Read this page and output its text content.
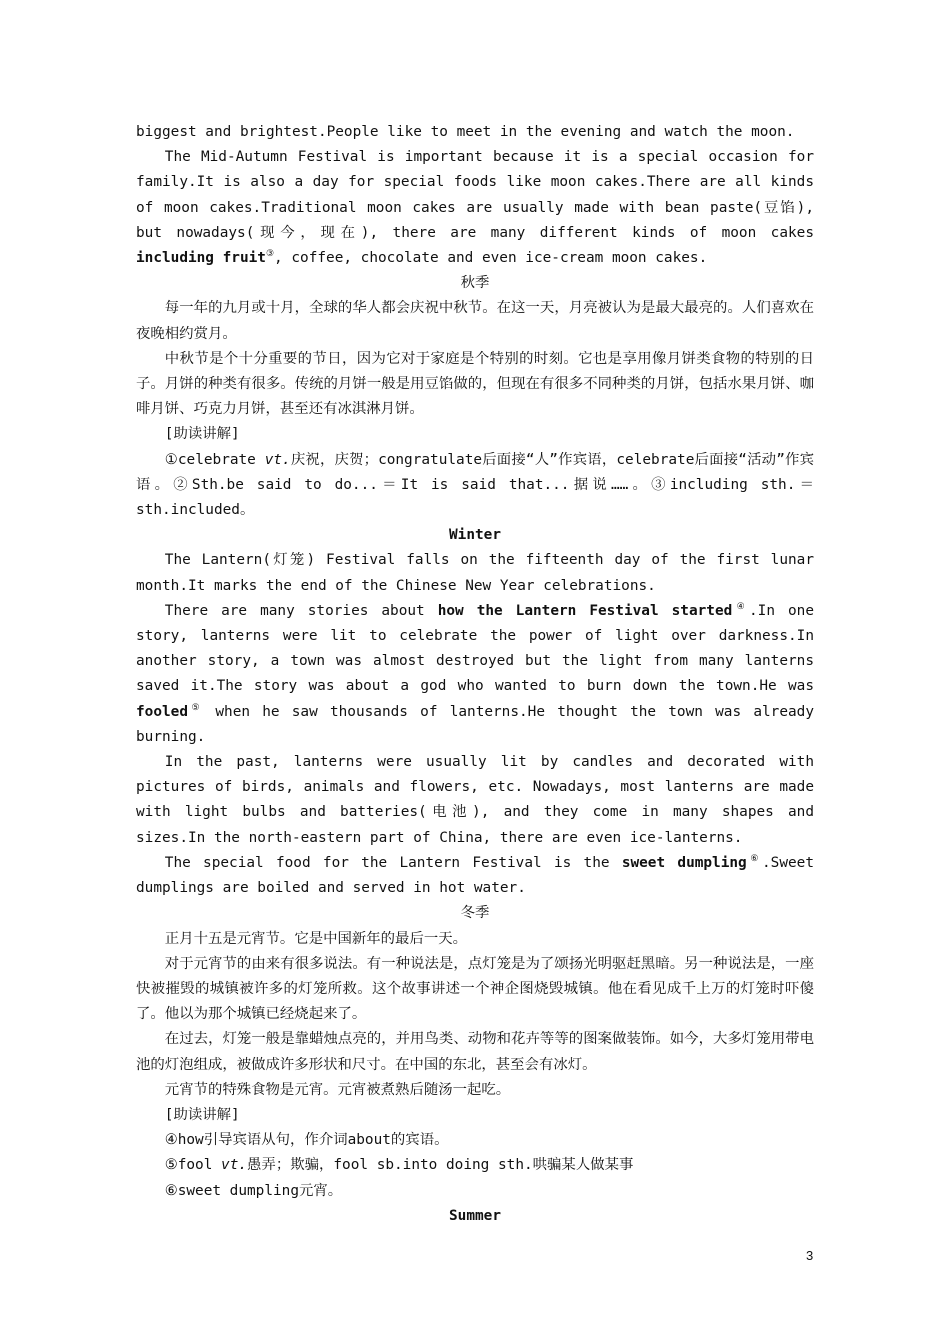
biggest and brightest.People like to meet in the evening and watch the moon.

The Mid-Autumn Festival is important because it is a special occasion for family.It is also a day for special foods like moon cakes.There are all kinds of moon cakes.Traditional moon cakes are usually made with bean paste(豆馅), but nowadays(现今，现在), there are many different kinds of moon cakes including fruit③, coffee, chocolate and even ice-cream moon cakes.

秋季

每一年的九月或十月，全球的华人都会庆祝中秋节。在这一天，月亮被认为是最大最亮的。人们喜欢在夜晚相约赏月。

中秋节是个十分重要的节日，因为它对于家庭是个特别的时刻。它也是享用像月饼类食物的特别的日子。月饼的种类有很多。传统的月饼一般是用豆馅做的，但现在有很多不同种类的月饼，包括水果月饼、咖啡月饼、巧克力月饼，甚至还有冰淇淋月饼。

[助读讲解]

①celebrate vt.庆祝，庆贺；congratulate后面接“人”作宾语，celebrate后面接“活动”作宾语。②Sth.be said to do...＝It is said that...据说……。③including sth.＝sth.included。

Winter

The Lantern(灯笼) Festival falls on the fifteenth day of the first lunar month.It marks the end of the Chinese New Year celebrations.

There are many stories about how the Lantern Festival started④.In one story, lanterns were lit to celebrate the power of light over darkness.In another story, a town was almost destroyed but the light from many lanterns saved it.The story was about a god who wanted to burn down the town.He was fooled⑤ when he saw thousands of lanterns.He thought the town was already burning.

In the past, lanterns were usually lit by candles and decorated with pictures of birds, animals and flowers, etc. Nowadays, most lanterns are made with light bulbs and batteries(电池), and they come in many shapes and sizes.In the north-eastern part of China, there are even ice-lanterns.

The special food for the Lantern Festival is the sweet dumpling⑥.Sweet dumplings are boiled and served in hot water.

冬季

正月十五是元宵节。它是中国新年的最后一天。

对于元宵节的由来有很多说法。有一种说法是，点灯笼是为了颂扬光明驱赶黑暗。另一种说法是，一座快被摧毁的城镇被许多的灯笼所救。这个故事讲述一个神企图烧毁城镇。他在看见成千上万的灯笼时吓傻了。他以为那个城镇已经烧起来了。

在过去，灯笼一般是靠蜡烛点亮的，并用鸟类、动物和花卉等等的图案做装饰。如今，大多灯笼用带电池的灯泡组成，被做成许多形状和尺寸。在中国的东北，甚至会有冰灯。

元宵节的特殊食物是元宵。元宵被煮熟后随汤一起吃。

[助读讲解]

④how引导宾语从句，作介词about的宾语。

⑤fool vt.愚弄；欺骗，fool sb.into doing sth.哄骗某人做某事

⑥sweet dumpling元宵。

Summer

3
